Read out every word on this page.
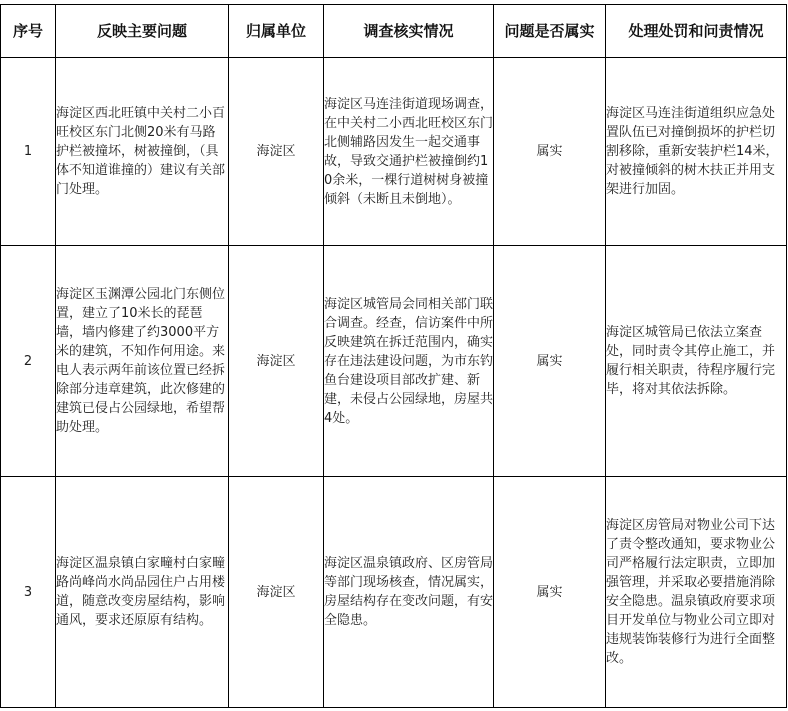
序号	反映主要问题	归属单位	调查核实情况	问题是否属实	处理处罚和问责情况
1	海淀区西北旺镇中关村二小百旺校区东门北侧20米有马路护栏被撞坏，树被撞倒，（具体不知道谁撞的）建议有关部门处理。	海淀区	海淀区马连洼街道现场调查，在中关村二小西北旺校区东门北侧辅路因发生一起交通事故，导致交通护栏被撞倒约10余米，一棵行道树树身被撞倾斜（未断且未倒地）。	属实	海淀区马连洼街道组织应急处置队伍已对撞倒损坏的护栏切割移除，重新安装护栏14米，对被撞倾斜的树木扶正并用支架进行加固。

2	海淀区玉渊潭公园北门东侧位置，建立了10米长的琵琶墙，墙内修建了约3000平方米的建筑，不知作何用途。来电人表示两年前该位置已经拆除部分违章建筑，此次修建的建筑已侵占公园绿地，希望帮助处理。	海淀区	海淀区城管局会同相关部门联合调查。经查，信访案件中所反映建筑在拆迁范围内，确实存在违法建设问题，为市东钓鱼台建设项目部改扩建、新建，未侵占公园绿地，房屋共4处。	属实	海淀区城管局已依法立案查处，同时责令其停止施工，并履行相关职责，待程序履行完毕，将对其依法拆除。

3	海淀区温泉镇白家疃村白家疃路尚峰尚水尚品园住户占用楼道，随意改变房屋结构，影响通风，要求还原原有结构。	海淀区	海淀区温泉镇政府、区房管局等部门现场核查，情况属实，房屋结构存在变改问题，有安全隐患。	属实	海淀区房管局对物业公司下达了责令整改通知，要求物业公司严格履行法定职责，立即加强管理，并采取必要措施消除安全隐患。温泉镇政府要求项目开发单位与物业公司立即对违规装饰装修行为进行全面整改。
